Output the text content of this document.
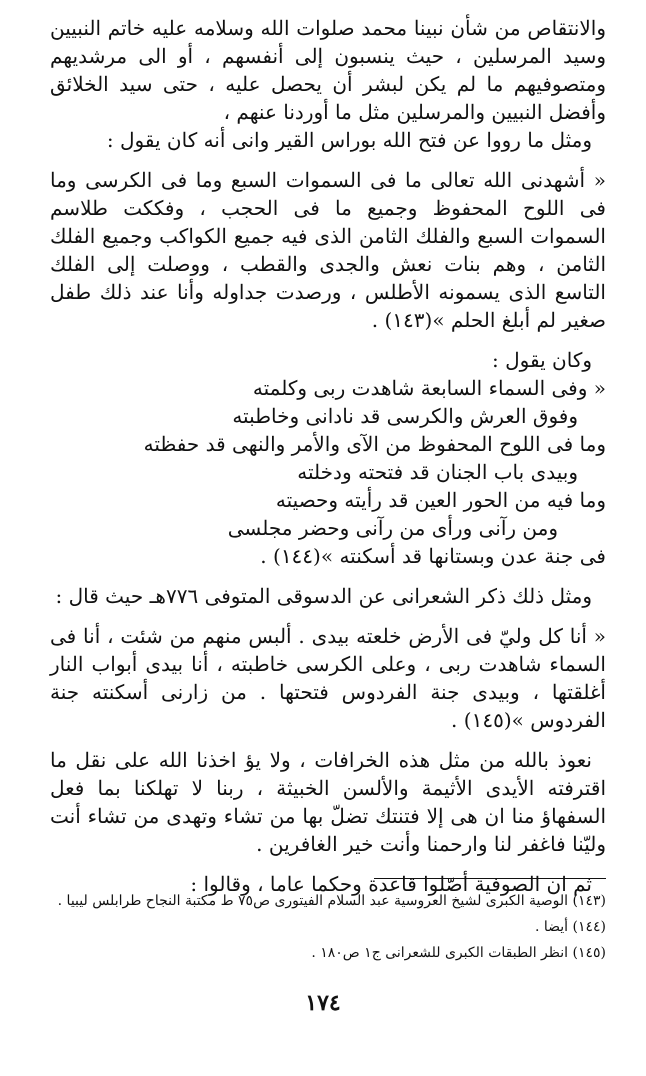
والانتقاص من شأن نبينا محمد صلوات الله وسلامه عليه خاتم النبيين وسيد المرسلين ، حيث ينسبون إلى أنفسهم ، أو الى مرشديهم ومتصوفيهم ما لم يكن لبشر أن يحصل عليه ، حتى سيد الخلائق وأفضل النبيين والمرسلين مثل ما أوردنا عنهم ،

ومثل ما رووا عن فتح الله بوراس القير وانى أنه كان يقول :

« أشهدنى الله تعالى ما فى السموات السبع وما فى الكرسى وما فى اللوح المحفوظ وجميع ما فى الحجب ، وفككت طلاسم السموات السبع والفلك الثامن الذى فيه جميع الكواكب وجميع الفلك الثامن ، وهم بنات نعش والجدى والقطب ، ووصلت إلى الفلك التاسع الذى يسمونه الأطلس ، ورصدت جداوله وأنا عند ذلك طفل صغير لم أبلغ الحلم »(١٤٣) .

وكان يقول :

« وفى السماء السابعة شاهدت ربى وكلمته
وفوق العرش والكرسى قد نادانى وخاطبته
وما فى اللوح المحفوظ من الآى والأمر والنهى قد حفظته
وبيدى باب الجنان قد فتحته ودخلته
وما فيه من الحور العين قد رأيته وحصيته
ومن رآنى ورأى من رآنى وحضر مجلسى
فى جنة عدن وبستانها قد أسكنته »(١٤٤) .

ومثل ذلك ذكر الشعرانى عن الدسوقى المتوفى ٧٧٦هـ حيث قال :

« أنا كل وليّ فى الأرض خلعته بيدى . ألبس منهم من شئت ، أنا فى السماء شاهدت ربى ، وعلى الكرسى خاطبته ، أنا بيدى أبواب النار أغلقتها ، وبيدى جنة الفردوس فتحتها . من زارنى أسكنته جنة الفردوس »(١٤٥) .

نعوذ بالله من مثل هذه الخرافات ، ولا يؤ اخذنا الله على نقل ما اقترفته الأيدى الأثيمة والألسن الخبيثة ، ربنا لا تهلكنا بما فعل السفهاؤ منا ان هى إلا فتنتك تضلّ بها من تشاء وتهدى من تشاء أنت وليّنا فاغفر لنا وارحمنا وأنت خير الغافرين .

ثم ان الصوفية أصّلوا قاعدة وحكما عاما ، وقالوا :

(١٤٣) الوصية الكبرى لشيخ العروسية عبد السلام الفيتورى ص٧٥ ط مكتبة النجاح طرابلس ليبيا .

(١٤٤) أيضا .

(١٤٥) انظر الطبقات الكبرى للشعرانى ج١ ص١٨٠ .

١٧٤
